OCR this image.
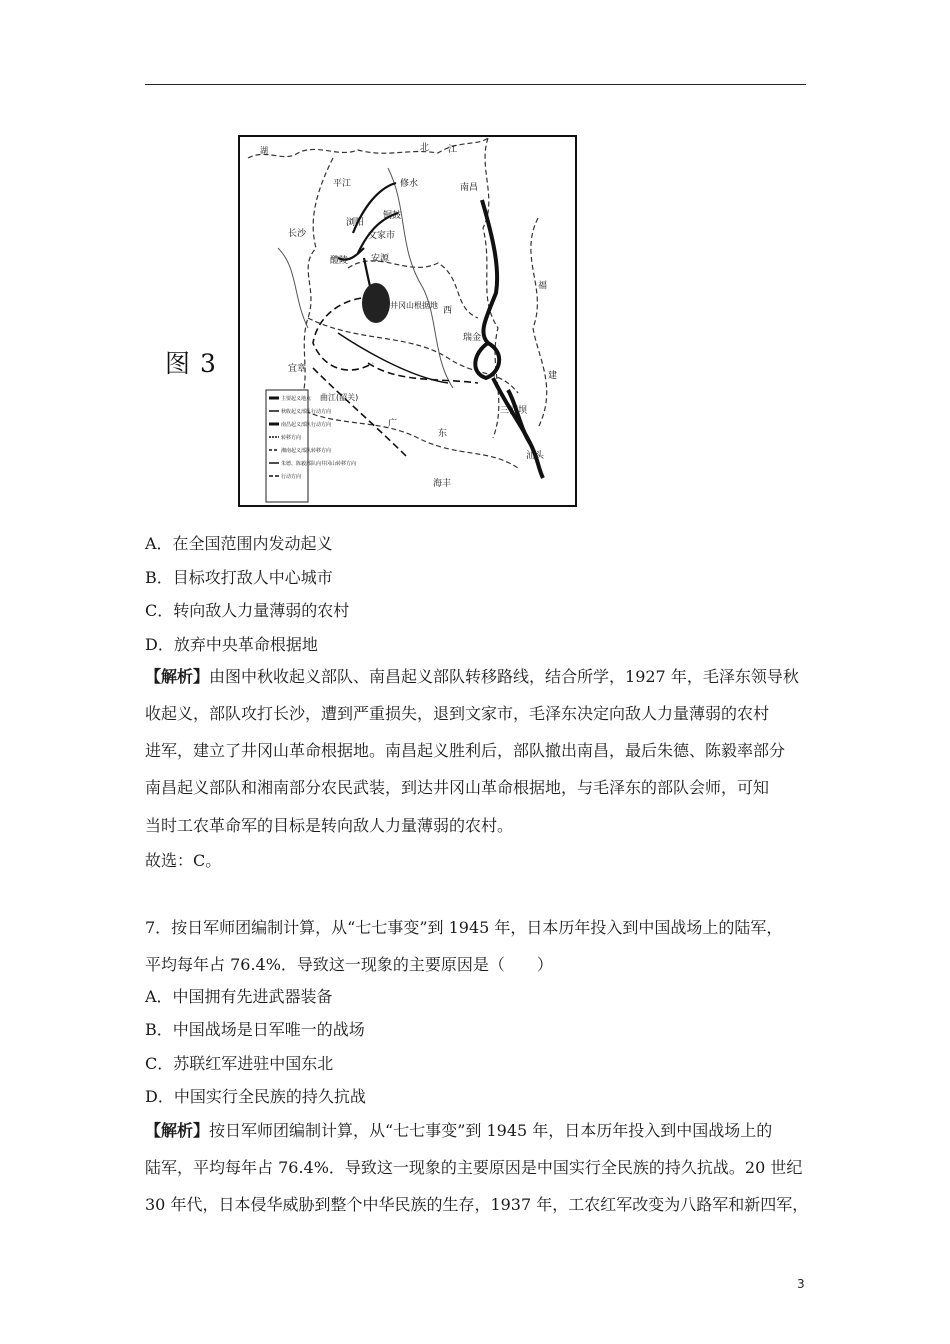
图 3
湖	北 江
平江	修水
铜鼓
浏阳
文家市
长沙
醴陵	安源
南昌
井冈山根据地
瑞金
宜章
曲江(韶关)
三河坝
汕头
海丰
广
东
福
建
西
主要起义地点
秋收起义部队行动方向
南昌起义部队行动方向
转移方向
湘南起义部队转移方向
朱德、陈毅部队向井冈山转移方向
行动方向
A．在全国范围内发动起义
B．目标攻打敌人中心城市
C．转向敌人力量薄弱的农村
D．放弃中央革命根据地
【解析】由图中秋收起义部队、南昌起义部队转移路线，结合所学，1927 年，毛泽东领导秋
收起义，部队攻打长沙，遭到严重损失，退到文家市，毛泽东决定向敌人力量薄弱的农村
进军，建立了井冈山革命根据地。南昌起义胜利后，部队撤出南昌，最后朱德、陈毅率部分
南昌起义部队和湘南部分农民武装，到达井冈山革命根据地，与毛泽东的部队会师，可知
当时工农革命军的目标是转向敌人力量薄弱的农村。
故选：C。
7．按日军师团编制计算，从“七七事变”到 1945 年，日本历年投入到中国战场上的陆军，
平均每年占 76.4%．导致这一现象的主要原因是（　　）
A．中国拥有先进武器装备
B．中国战场是日军唯一的战场
C．苏联红军进驻中国东北
D．中国实行全民族的持久抗战
【解析】按日军师团编制计算，从“七七事变”到 1945 年，日本历年投入到中国战场上的
陆军，平均每年占 76.4%．导致这一现象的主要原因是中国实行全民族的持久抗战。20 世纪
30 年代，日本侵华威胁到整个中华民族的生存，1937 年，工农红军改变为八路军和新四军，
3
